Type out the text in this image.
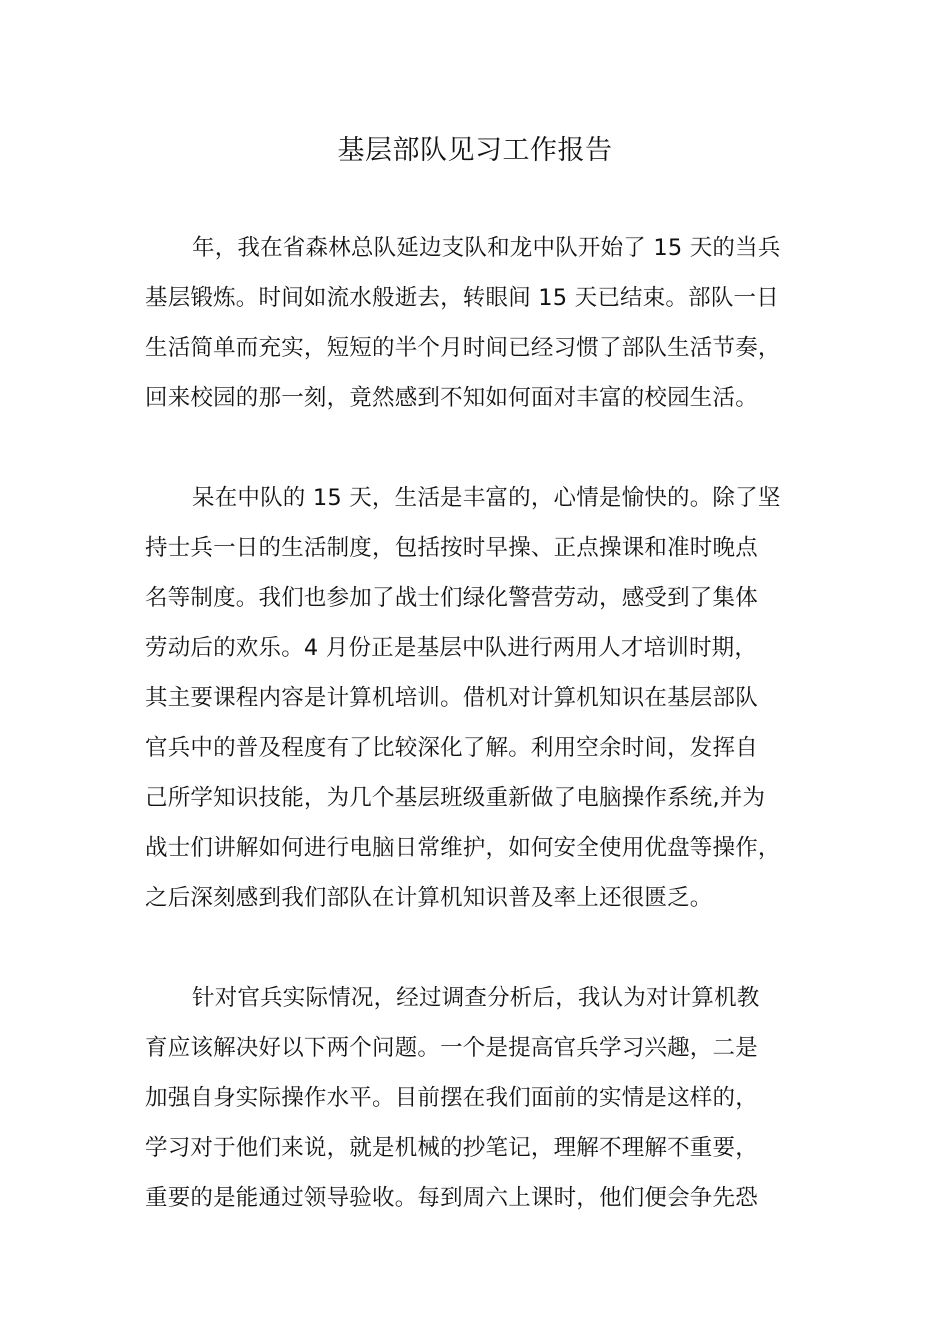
基层部队见习工作报告

年，我在省森林总队延边支队和龙中队开始了 15 天的当兵

基层锻炼。时间如流水般逝去，转眼间 15 天已结束。部队一日

生活简单而充实，短短的半个月时间已经习惯了部队生活节奏，

回来校园的那一刻，竟然感到不知如何面对丰富的校园生活。

呆在中队的 15 天，生活是丰富的，心情是愉快的。除了坚

持士兵一日的生活制度，包括按时早操、正点操课和准时晚点

名等制度。我们也参加了战士们绿化警营劳动，感受到了集体

劳动后的欢乐。4 月份正是基层中队进行两用人才培训时期，

其主要课程内容是计算机培训。借机对计算机知识在基层部队

官兵中的普及程度有了比较深化了解。利用空余时间，发挥自

己所学知识技能，为几个基层班级重新做了电脑操作系统,并为

战士们讲解如何进行电脑日常维护，如何安全使用优盘等操作，

之后深刻感到我们部队在计算机知识普及率上还很匮乏。

针对官兵实际情况，经过调查分析后，我认为对计算机教

育应该解决好以下两个问题。一个是提高官兵学习兴趣，二是

加强自身实际操作水平。目前摆在我们面前的实情是这样的，

学习对于他们来说，就是机械的抄笔记，理解不理解不重要，

重要的是能通过领导验收。每到周六上课时，他们便会争先恐
